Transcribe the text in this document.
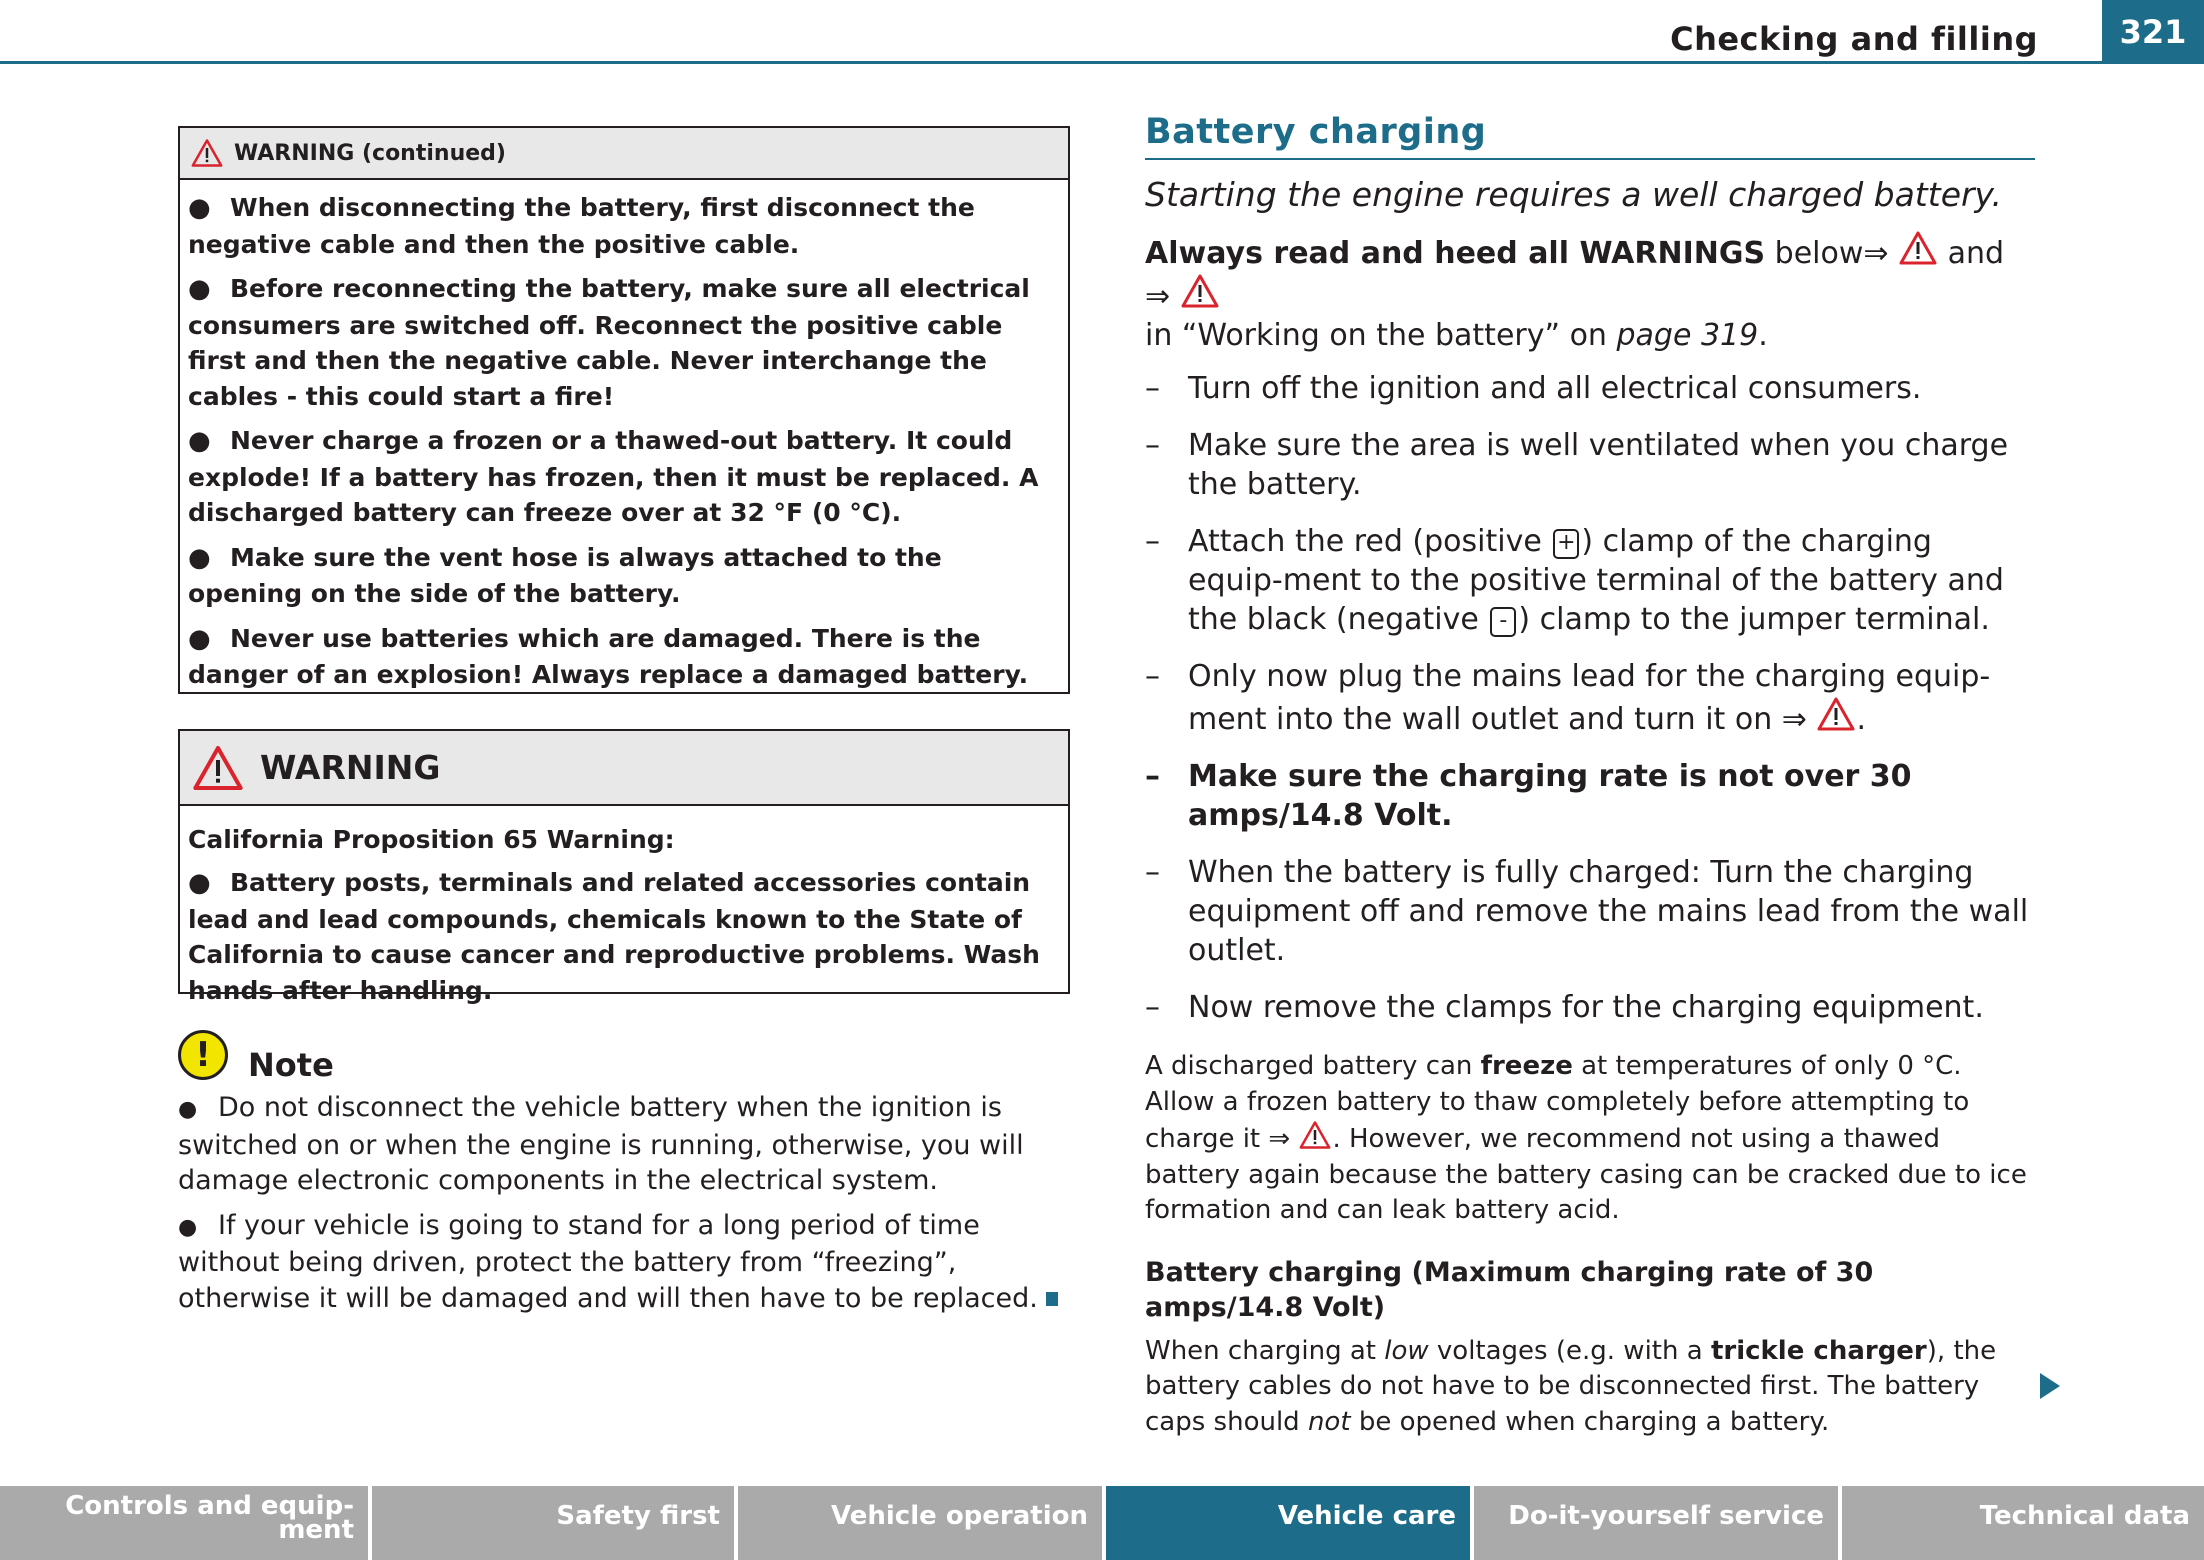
Checking and filling	321
WARNING (continued)
● When disconnecting the battery, first disconnect the negative cable and then the positive cable.
● Before reconnecting the battery, make sure all electrical consumers are switched off. Reconnect the positive cable first and then the negative cable. Never interchange the cables - this could start a fire!
● Never charge a frozen or a thawed-out battery. It could explode! If a battery has frozen, then it must be replaced. A discharged battery can freeze over at 32 °F (0 °C).
● Make sure the vent hose is always attached to the opening on the side of the battery.
● Never use batteries which are damaged. There is the danger of an explosion! Always replace a damaged battery.
WARNING
California Proposition 65 Warning:
● Battery posts, terminals and related accessories contain lead and lead compounds, chemicals known to the State of California to cause cancer and reproductive problems. Wash hands after handling.
!	Note
● Do not disconnect the vehicle battery when the ignition is switched on or when the engine is running, otherwise, you will damage electronic components in the electrical system.
● If your vehicle is going to stand for a long period of time without being driven, protect the battery from “freezing”, otherwise it will be damaged and will then have to be replaced.
Battery charging
Starting the engine requires a well charged battery.
Always read and heed all WARNINGS below⇒ and ⇒
in “Working on the battery” on page 319.
– Turn off the ignition and all electrical consumers.
– Make sure the area is well ventilated when you charge the battery.
– Attach the red (positive + ) clamp of the charging equip-ment to the positive terminal of the battery and the black (negative - ) clamp to the jumper terminal.
– Only now plug the mains lead for the charging equip-ment into the wall outlet and turn it on ⇒ .
– Make sure the charging rate is not over 30 amps/14.8 Volt.
– When the battery is fully charged: Turn the charging equipment off and remove the mains lead from the wall outlet.
– Now remove the clamps for the charging equipment.
A discharged battery can freeze at temperatures of only 0 °C. Allow a frozen battery to thaw completely before attempting to charge it ⇒ . However, we recommend not using a thawed battery again because the battery casing can be cracked due to ice formation and can leak battery acid.
Battery charging (Maximum charging rate of 30 amps/14.8 Volt)
When charging at low voltages (e.g. with a trickle charger), the battery cables do not have to be disconnected first. The battery caps should not be opened when charging a battery.
Controls and equip-
ment	Safety first	Vehicle operation	Vehicle care	Do-it-yourself service	Technical data
